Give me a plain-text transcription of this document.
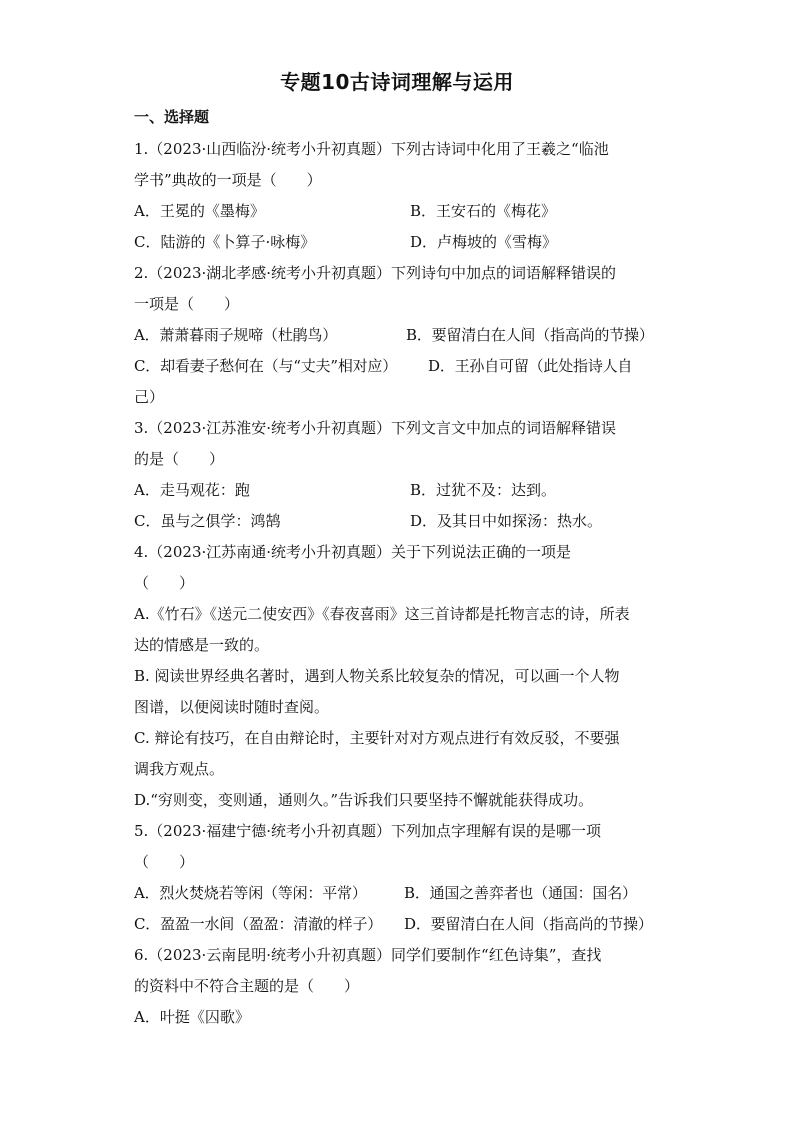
专题10古诗词理解与运用
一、选择题
1.（2023·山西临汾·统考小升初真题）下列古诗词中化用了王羲之“临池
学书”典故的一项是（　　）
A．王冕的《墨梅》	B．王安石的《梅花》
C．陆游的《卜算子·咏梅》	D．卢梅坡的《雪梅》
2.（2023·湖北孝感·统考小升初真题）下列诗句中加点的词语解释错误的
一项是（　　）
A．萧萧暮雨子规啼（杜鹃鸟）	B．要留清白在人间（指高尚的节操）
C．却看妻子愁何在（与“丈夫”相对应）	D．王孙自可留（此处指诗人自
己）
3.（2023·江苏淮安·统考小升初真题）下列文言文中加点的词语解释错误
的是（　　）
A．走马观花：跑	B．过犹不及：达到。
C．虽与之俱学：鸿鹄	D．及其日中如探汤：热水。
4.（2023·江苏南通·统考小升初真题）关于下列说法正确的一项是
（　　）
A.《竹石》《送元二使安西》《春夜喜雨》这三首诗都是托物言志的诗，所表
达的情感是一致的。
B. 阅读世界经典名著时，遇到人物关系比较复杂的情况，可以画一个人物
图谱，以便阅读时随时查阅。
C. 辩论有技巧，在自由辩论时，主要针对对方观点进行有效反驳，不要强
调我方观点。
D.“穷则变，变则通，通则久。”告诉我们只要坚持不懈就能获得成功。
5.（2023·福建宁德·统考小升初真题）下列加点字理解有误的是哪一项
（　　）
A．烈火焚烧若等闲（等闲：平常）	B．通国之善弈者也（通国：国名）
C．盈盈一水间（盈盈：清澈的样子）	D．要留清白在人间（指高尚的节操）
6.（2023·云南昆明·统考小升初真题）同学们要制作“红色诗集”，查找
的资料中不符合主题的是（　　）
A．叶挺《囚歌》
